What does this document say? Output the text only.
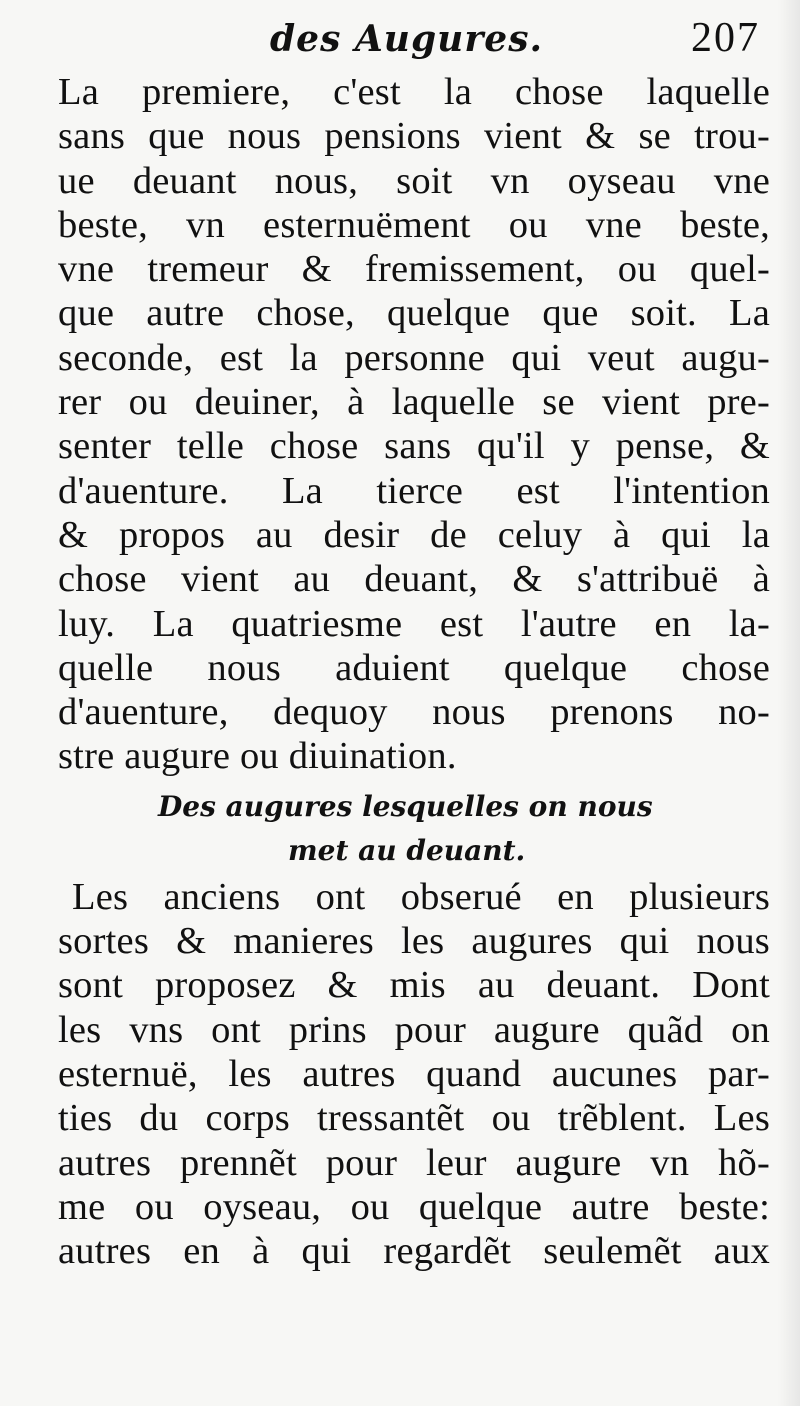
des Augures.	207
La premiere, c'est la chose laquelle
sans que nous pensions vient & se trou-
ue deuant nous, soit vn oyseau vne
beste, vn esternuëment ou vne beste,
vne tremeur & fremissement, ou quel-
que autre chose, quelque que soit. La
seconde, est la personne qui veut augu-
rer ou deuiner, à laquelle se vient pre-
senter telle chose sans qu'il y pense, &
d'auenture. La tierce est l'intention
& propos au desir de celuy à qui la
chose vient au deuant, & s'attribuë à
luy. La quatriesme est l'autre en la-
quelle nous aduient quelque chose
d'auenture, dequoy nous prenons no-
stre augure ou diuination.
Des augures lesquelles on nous
met au deuant.
Les anciens ont obserué en plusieurs
sortes & manieres les augures qui nous
sont proposez & mis au deuant. Dont
les vns ont prins pour augure quãd on
esternuë, les autres quand aucunes par-
ties du corps tressantẽt ou trẽblent. Les
autres prennẽt pour leur augure vn hõ-
me ou oyseau, ou quelque autre beste:
autres en à qui regardẽt seulemẽt aux
